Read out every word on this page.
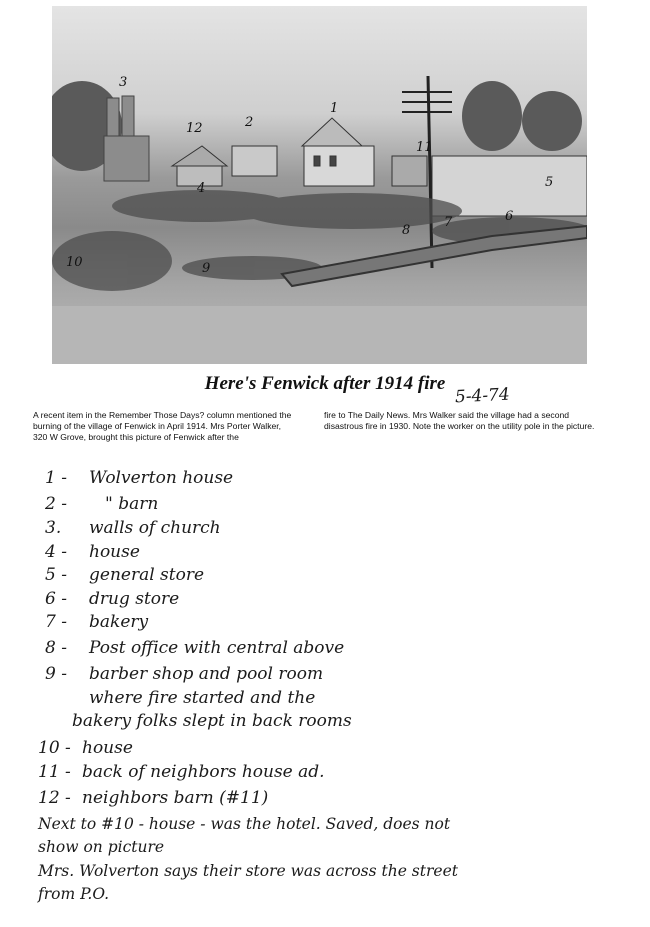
3
12	2
1
11
5
4
6
7
8
10	9
Here's Fenwick after 1914 fire
5-4-74

A recent item in the Remember Those Days? column mentioned the burning of the village of Fenwick in April 1914. Mrs Porter Walker, 320 W Grove, brought this picture of Fenwick after the

fire to The Daily News. Mrs Walker said the village had a second disastrous fire in 1930. Note the worker on the utility pole in the picture.

1 - Wolverton house
2 - " barn
3. walls of church
4 - house
5 - general store
6 - drug store
7 - bakery
8 - Post office with central above
9 - barber shop and pool room
where fire started and the
bakery folks slept in back rooms
10 - house
11 - back of neighbors house ad.
12 - neighbors barn (#11)
Next to #10 - house - was the hotel. Saved, does not
show on picture
Mrs. Wolverton says their store was across the street
from P.O.
